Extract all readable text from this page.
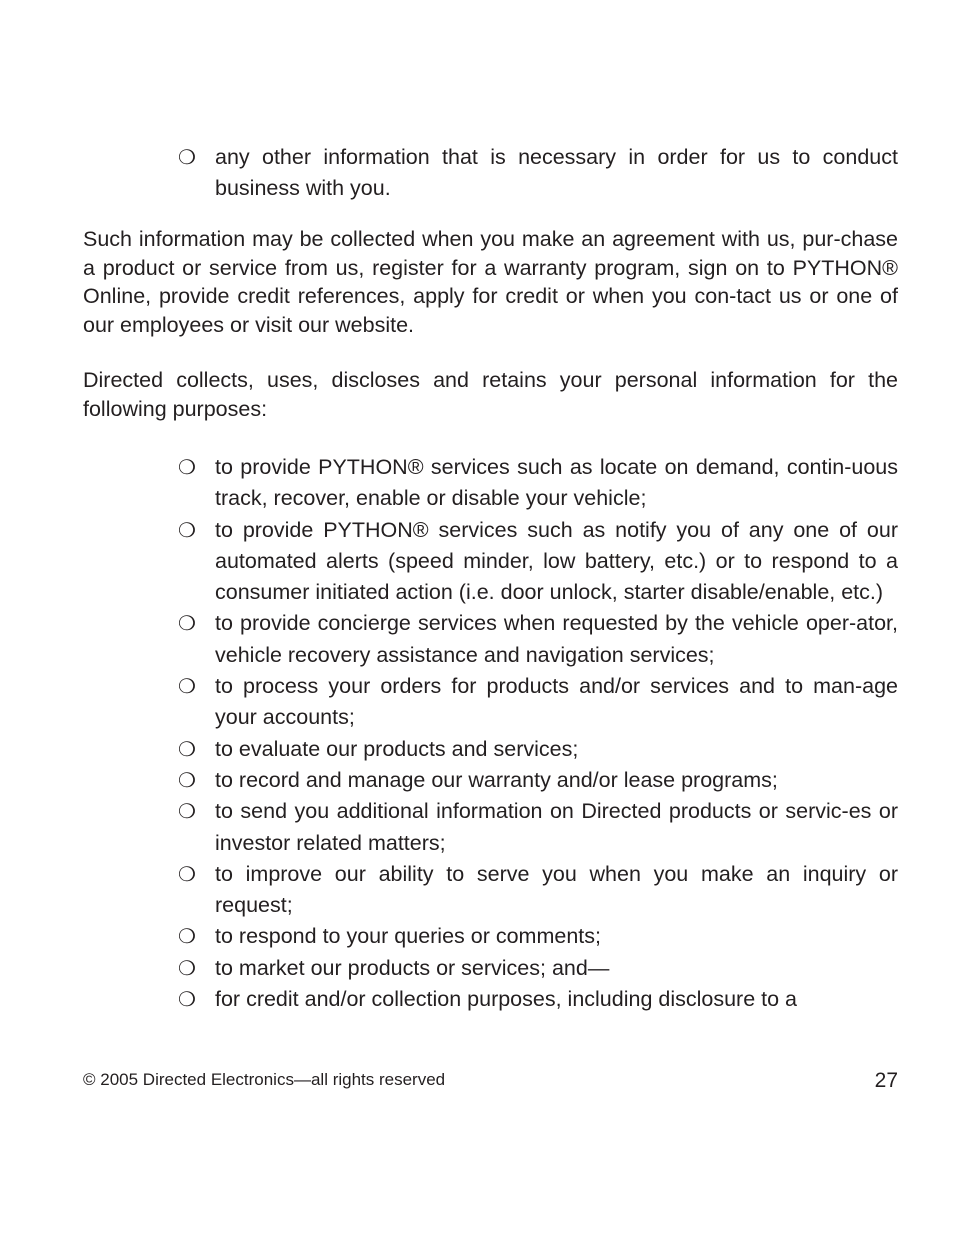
❍ any other information that is necessary in order for us to conduct business with you.

Such information may be collected when you make an agreement with us, pur-chase a product or service from us, register for a warranty program, sign on to PYTHON® Online, provide credit references, apply for credit or when you con-tact us or one of our employees or visit our website.

Directed collects, uses, discloses and retains your personal information for the following purposes:

❍ to provide PYTHON® services such as locate on demand, contin-uous track, recover, enable or disable your vehicle;
❍ to provide PYTHON® services such as notify you of any one of our automated alerts (speed minder, low battery, etc.) or to respond to a consumer initiated action (i.e. door unlock, starter disable/enable, etc.)
❍ to provide concierge services when requested by the vehicle oper-ator, vehicle recovery assistance and navigation services;
❍ to process your orders for products and/or services and to man-age your accounts;
❍ to evaluate our products and services;
❍ to record and manage our warranty and/or lease programs;
❍ to send you additional information on Directed products or servic-es or investor related matters;
❍ to improve our ability to serve you when you make an inquiry or request;
❍ to respond to your queries or comments;
❍ to market our products or services; and—
❍ for credit and/or collection purposes, including disclosure to a
© 2005 Directed Electronics—all rights reserved	27
